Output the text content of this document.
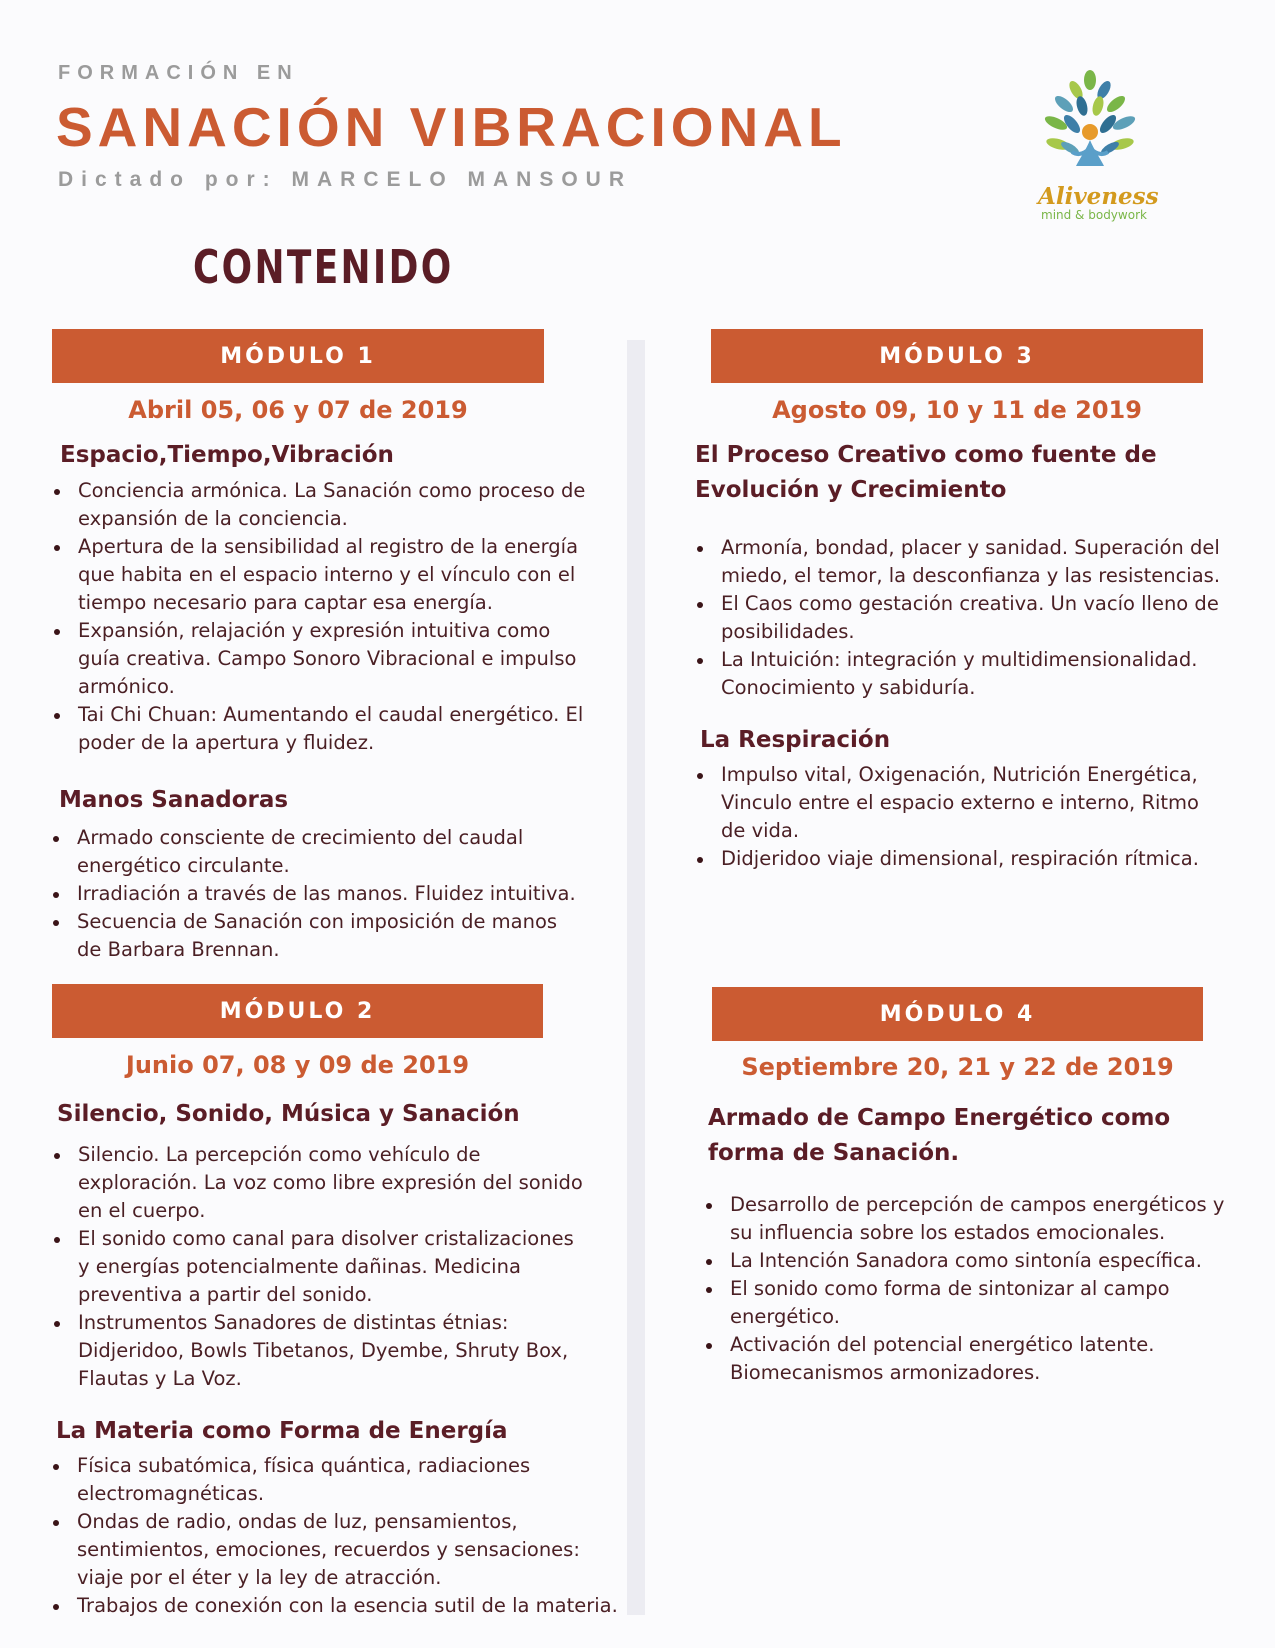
FORMACIÓN EN
SANACIÓN VIBRACIONAL
Dictado por: MARCELO MANSOUR
CONTENIDO
Aliveness
mind & bodywork
MÓDULO 1
Abril 05, 06 y 07 de 2019
Espacio,Tiempo,Vibración
Conciencia armónica. La Sanación como proceso de expansión de la conciencia.
Apertura de la sensibilidad al registro de la energía que habita en el espacio interno y el vínculo con el tiempo necesario para captar esa energía.
Expansión, relajación y expresión intuitiva como guía creativa. Campo Sonoro Vibracional e impulso armónico.
Tai Chi Chuan: Aumentando el caudal energético. El poder de la apertura y fluidez.
Manos Sanadoras
Armado consciente de crecimiento del caudal energético circulante.
Irradiación a través de las manos. Fluidez intuitiva.
Secuencia de Sanación con imposición de manos de Barbara Brennan.
MÓDULO 2
Junio 07, 08 y 09 de 2019
Silencio, Sonido, Música y Sanación
Silencio. La percepción como vehículo de exploración. La voz como libre expresión del sonido en el cuerpo.
El sonido como canal para disolver cristalizaciones y energías potencialmente dañinas. Medicina preventiva a partir del sonido.
Instrumentos Sanadores de distintas étnias: Didjeridoo, Bowls Tibetanos, Dyembe, Shruty Box, Flautas y La Voz.
La Materia como Forma de Energía
Física subatómica, física quántica, radiaciones electromagnéticas.
Ondas de radio, ondas de luz, pensamientos, sentimientos, emociones, recuerdos y sensaciones: viaje por el éter y la ley de atracción.
Trabajos de conexión con la esencia sutil de la materia.
MÓDULO 3
Agosto 09, 10 y 11 de 2019
El Proceso Creativo como fuente de Evolución y Crecimiento
Armonía, bondad, placer y sanidad. Superación del miedo, el temor, la desconfianza y las resistencias.
El Caos como gestación creativa. Un vacío lleno de posibilidades.
La Intuición: integración y multidimensionalidad. Conocimiento y sabiduría.
La Respiración
Impulso vital, Oxigenación, Nutrición Energética, Vinculo entre el espacio externo e interno, Ritmo de vida.
Didjeridoo viaje dimensional, respiración rítmica.
MÓDULO 4
Septiembre 20, 21 y 22 de 2019
Armado de Campo Energético como forma de Sanación.
Desarrollo de percepción de campos energéticos y su influencia sobre los estados emocionales.
La Intención Sanadora como sintonía específica.
El sonido como forma de sintonizar al campo energético.
Activación del potencial energético latente. Biomecanismos armonizadores.
